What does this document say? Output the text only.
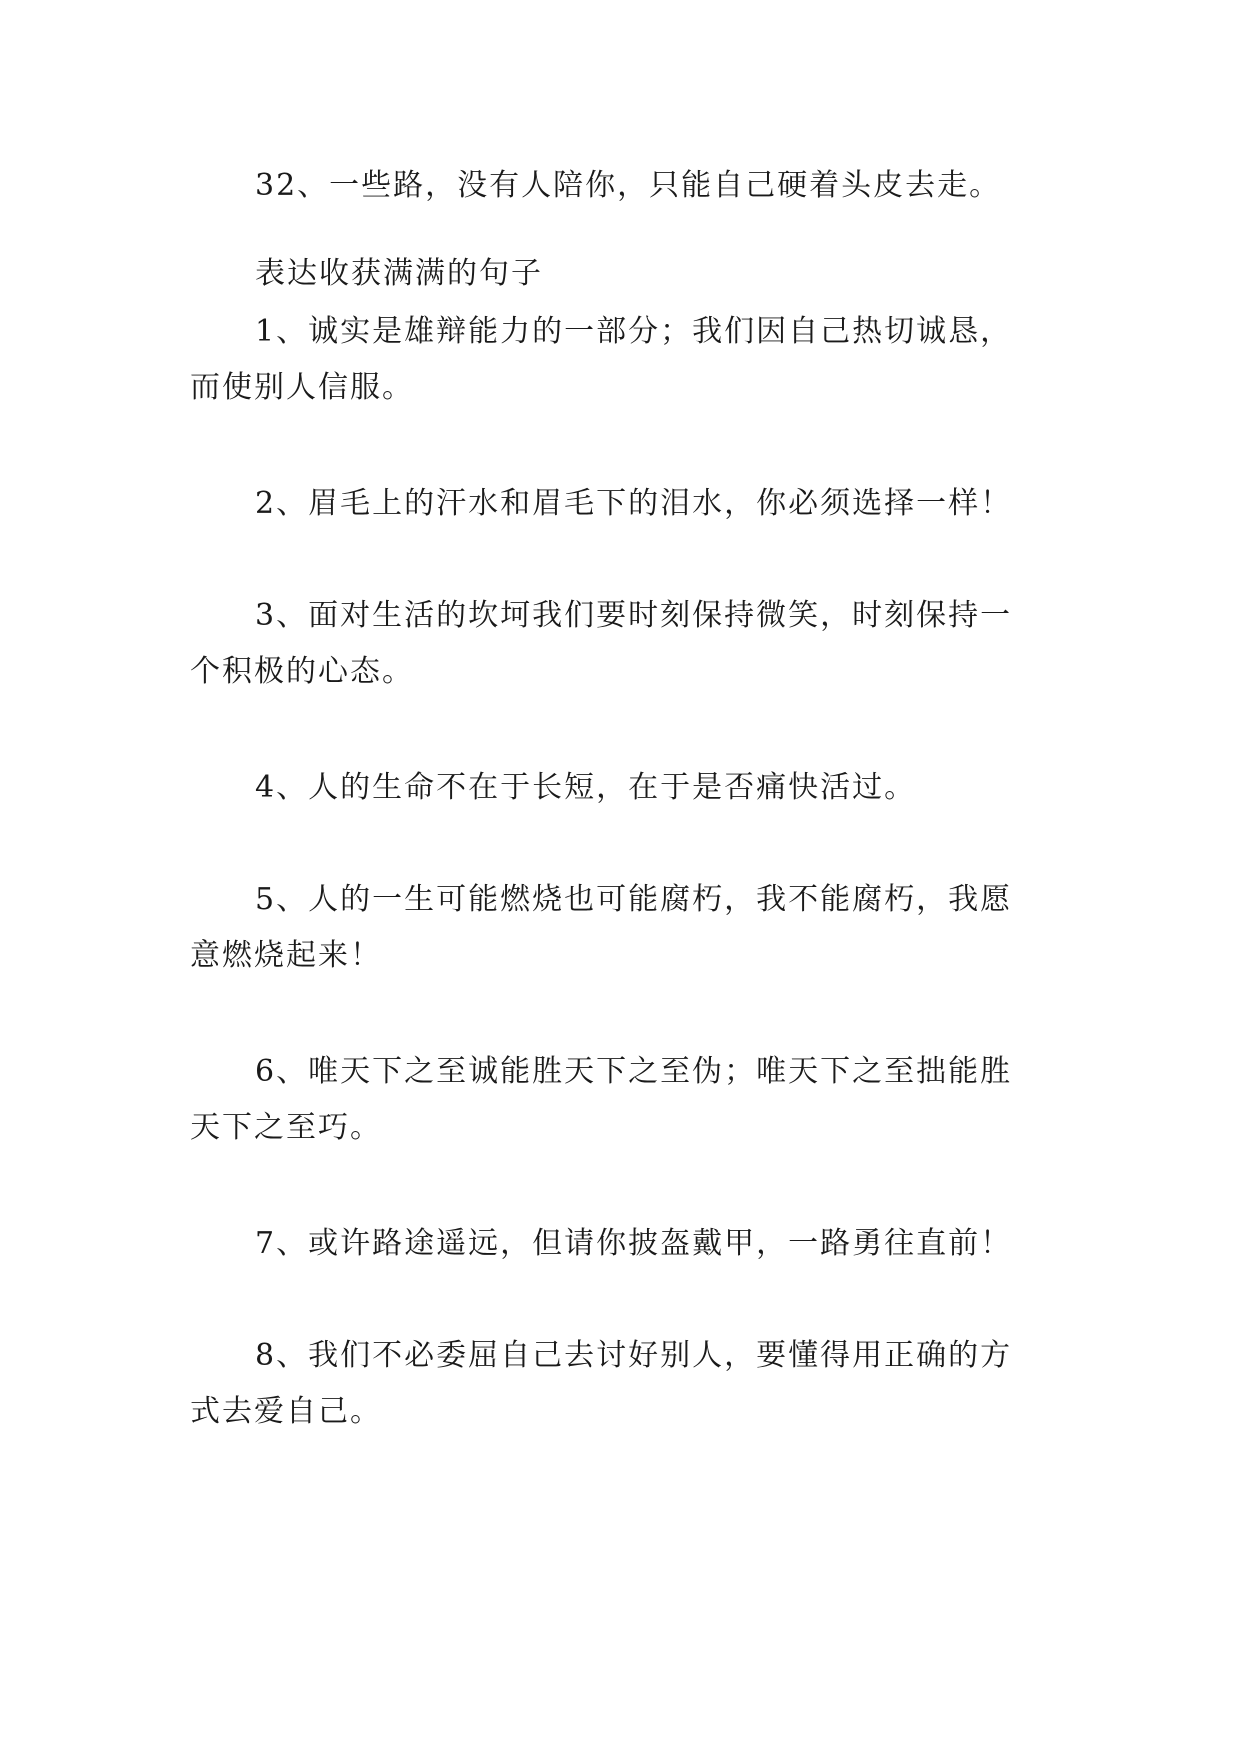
32、一些路，没有人陪你，只能自己硬着头皮去走。
表达收获满满的句子
1、诚实是雄辩能力的一部分；我们因自己热切诚恳，
而使别人信服。
2、眉毛上的汗水和眉毛下的泪水，你必须选择一样！
3、面对生活的坎坷我们要时刻保持微笑，时刻保持一
个积极的心态。
4、人的生命不在于长短，在于是否痛快活过。
5、人的一生可能燃烧也可能腐朽，我不能腐朽，我愿
意燃烧起来！
6、唯天下之至诚能胜天下之至伪；唯天下之至拙能胜
天下之至巧。
7、或许路途遥远，但请你披盔戴甲，一路勇往直前！
8、我们不必委屈自己去讨好别人，要懂得用正确的方
式去爱自己。
